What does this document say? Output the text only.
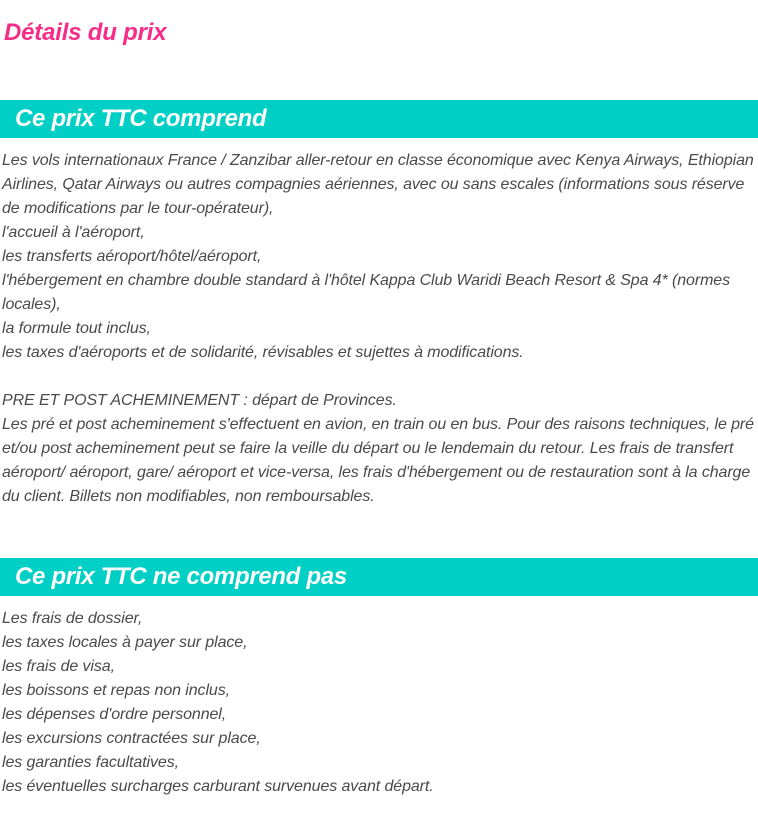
Détails du prix
Ce prix TTC comprend
Les vols internationaux France / Zanzibar aller-retour en classe économique avec Kenya Airways, Ethiopian Airlines, Qatar Airways ou autres compagnies aériennes, avec ou sans escales (informations sous réserve de modifications par le tour-opérateur),
l'accueil à l'aéroport,
les transferts aéroport/hôtel/aéroport,
l'hébergement en chambre double standard à l'hôtel Kappa Club Waridi Beach Resort & Spa 4* (normes locales),
la formule tout inclus,
les taxes d'aéroports et de solidarité, révisables et sujettes à modifications.

PRE ET POST ACHEMINEMENT : départ de Provinces.
Les pré et post acheminement s'effectuent en avion, en train ou en bus. Pour des raisons techniques, le pré et/ou post acheminement peut se faire la veille du départ ou le lendemain du retour. Les frais de transfert aéroport/ aéroport, gare/ aéroport et vice-versa, les frais d'hébergement ou de restauration sont à la charge du client. Billets non modifiables, non remboursables.
Ce prix TTC ne comprend pas
Les frais de dossier,
les taxes locales à payer sur place,
les frais de visa,
les boissons et repas non inclus,
les dépenses d'ordre personnel,
les excursions contractées sur place,
les garanties facultatives,
les éventuelles surcharges carburant survenues avant départ.
